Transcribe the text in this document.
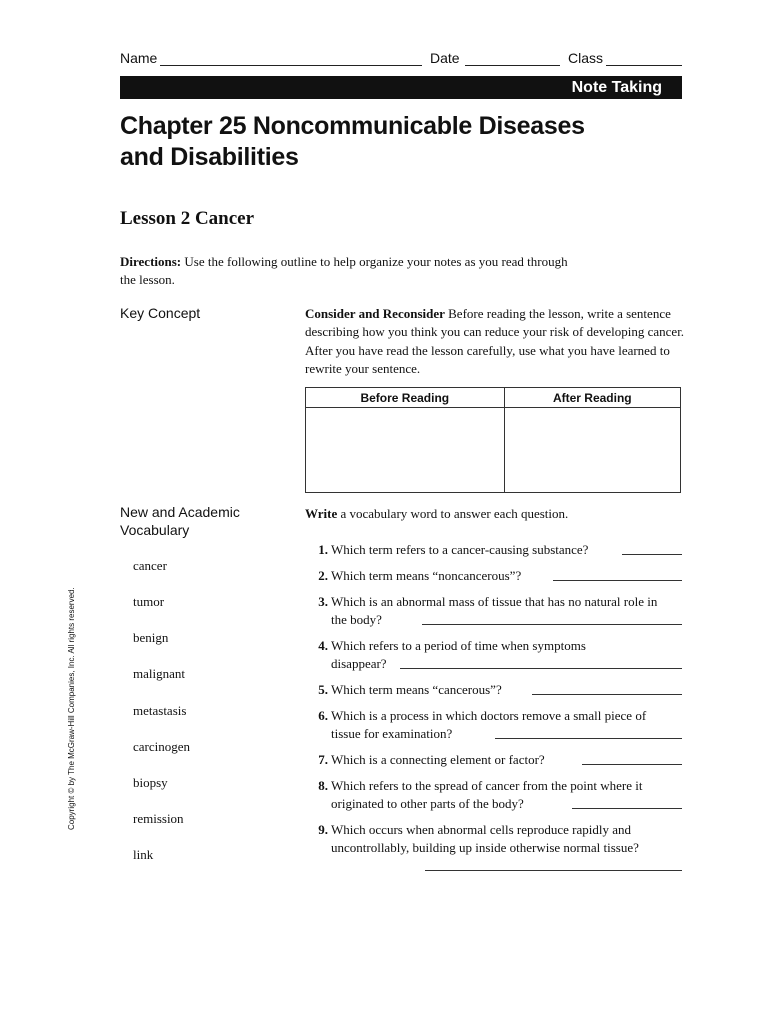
Name	Date	Class
Note Taking
Chapter 25 Noncommunicable Diseases
and Disabilities
Lesson 2 Cancer
Directions: Use the following outline to help organize your notes as you read through the lesson.
Key Concept	Consider and Reconsider Before reading the lesson, write a sentence describing how you think you can reduce your risk of developing cancer. After you have read the lesson carefully, use what you have learned to rewrite your sentence.
Before Reading	After Reading

New and Academic
Vocabulary
cancer
tumor
benign
malignant
metastasis
carcinogen
biopsy
remission
link
Write a vocabulary word to answer each question.
1. Which term refers to a cancer-causing substance?
2. Which term means “noncancerous”?
3. Which is an abnormal mass of tissue that has no natural role in the body?
4. Which refers to a period of time when symptoms disappear?
5. Which term means “cancerous”?
6. Which is a process in which doctors remove a small piece of tissue for examination?
7. Which is a connecting element or factor?
8. Which refers to the spread of cancer from the point where it originated to other parts of the body?
9. Which occurs when abnormal cells reproduce rapidly and uncontrollably, building up inside otherwise normal tissue?
Copyright © by The McGraw-Hill Companies, Inc. All rights reserved.
